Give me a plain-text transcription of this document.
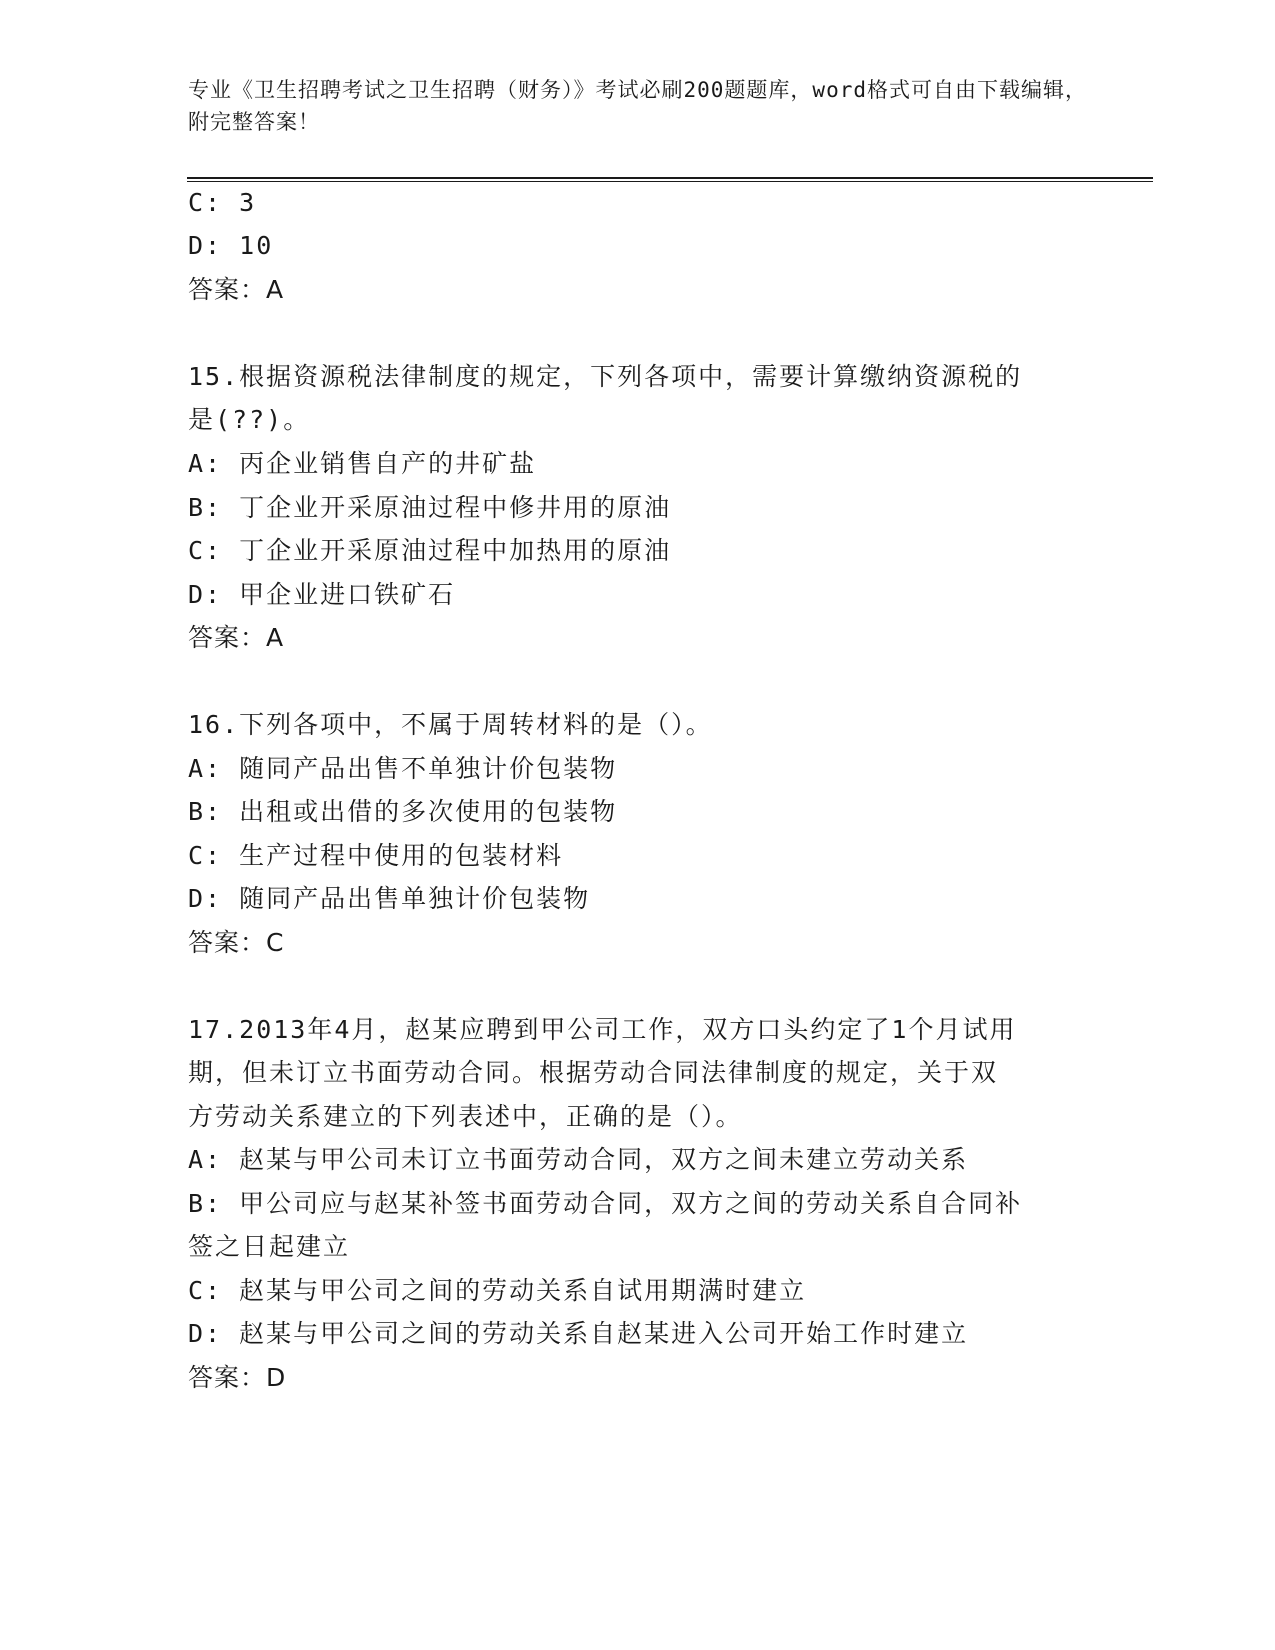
专业《卫生招聘考试之卫生招聘（财务）》考试必刷200题题库，word格式可自由下载编辑，附完整答案！

C: 3
D: 10
答案：A
15.根据资源税法律制度的规定，下列各项中，需要计算缴纳资源税的
是(??)。
A: 丙企业销售自产的井矿盐
B: 丁企业开采原油过程中修井用的原油
C: 丁企业开采原油过程中加热用的原油
D: 甲企业进口铁矿石
答案：A
16.下列各项中，不属于周转材料的是（）。
A: 随同产品出售不单独计价包装物
B: 出租或出借的多次使用的包装物
C: 生产过程中使用的包装材料
D: 随同产品出售单独计价包装物
答案：C
17.2013年4月，赵某应聘到甲公司工作，双方口头约定了1个月试用
期，但未订立书面劳动合同。根据劳动合同法律制度的规定，关于双
方劳动关系建立的下列表述中，正确的是（）。
A: 赵某与甲公司未订立书面劳动合同，双方之间未建立劳动关系
B: 甲公司应与赵某补签书面劳动合同，双方之间的劳动关系自合同补
签之日起建立
C: 赵某与甲公司之间的劳动关系自试用期满时建立
D: 赵某与甲公司之间的劳动关系自赵某进入公司开始工作时建立
答案：D
